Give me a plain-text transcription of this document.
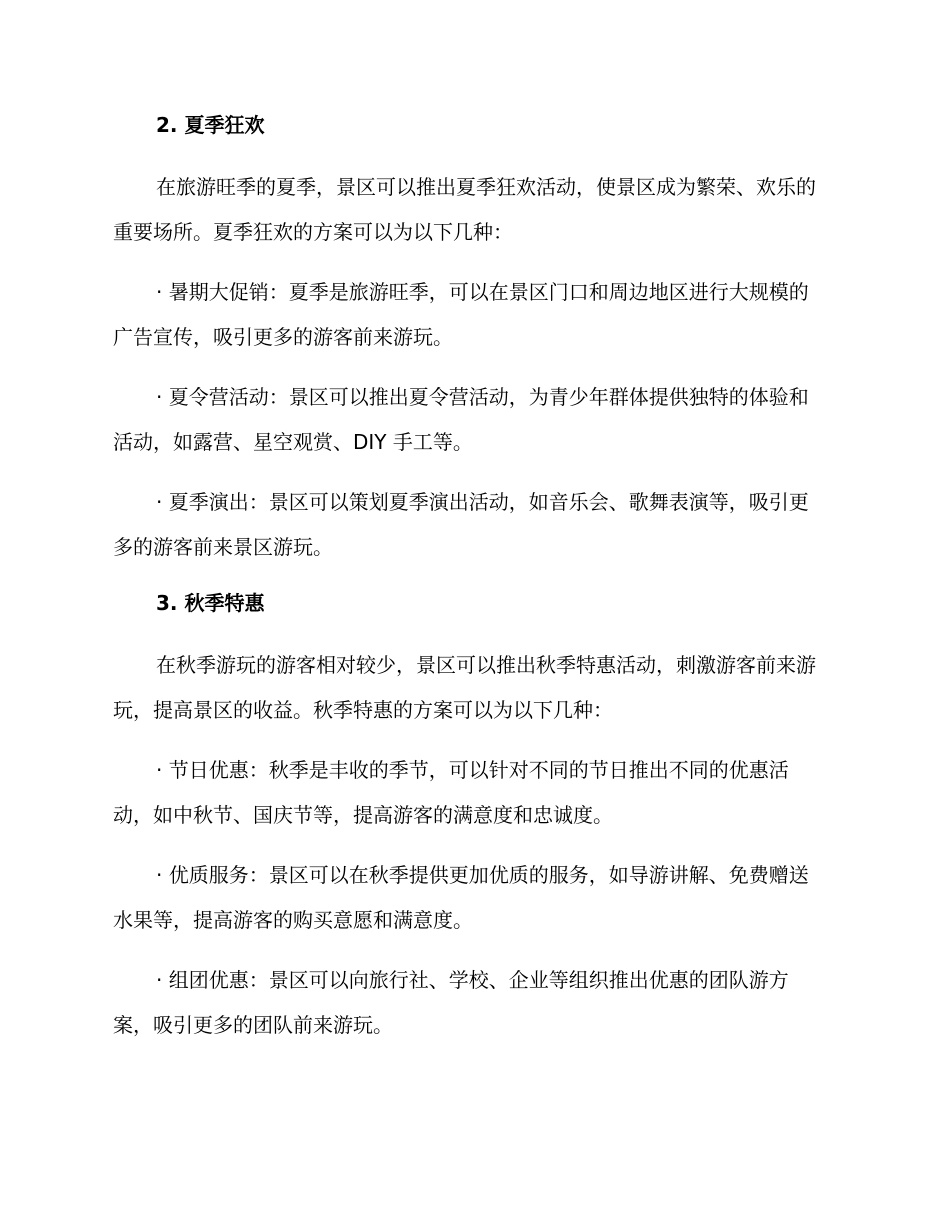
2. 夏季狂欢

在旅游旺季的夏季，景区可以推出夏季狂欢活动，使景区成为繁荣、欢乐的重要场所。夏季狂欢的方案可以为以下几种：

· 暑期大促销：夏季是旅游旺季，可以在景区门口和周边地区进行大规模的广告宣传，吸引更多的游客前来游玩。

· 夏令营活动：景区可以推出夏令营活动，为青少年群体提供独特的体验和活动，如露营、星空观赏、DIY 手工等。

· 夏季演出：景区可以策划夏季演出活动，如音乐会、歌舞表演等，吸引更多的游客前来景区游玩。

3. 秋季特惠

在秋季游玩的游客相对较少，景区可以推出秋季特惠活动，刺激游客前来游玩，提高景区的收益。秋季特惠的方案可以为以下几种：

· 节日优惠：秋季是丰收的季节，可以针对不同的节日推出不同的优惠活动，如中秋节、国庆节等，提高游客的满意度和忠诚度。

· 优质服务：景区可以在秋季提供更加优质的服务，如导游讲解、免费赠送水果等，提高游客的购买意愿和满意度。

· 组团优惠：景区可以向旅行社、学校、企业等组织推出优惠的团队游方案，吸引更多的团队前来游玩。
